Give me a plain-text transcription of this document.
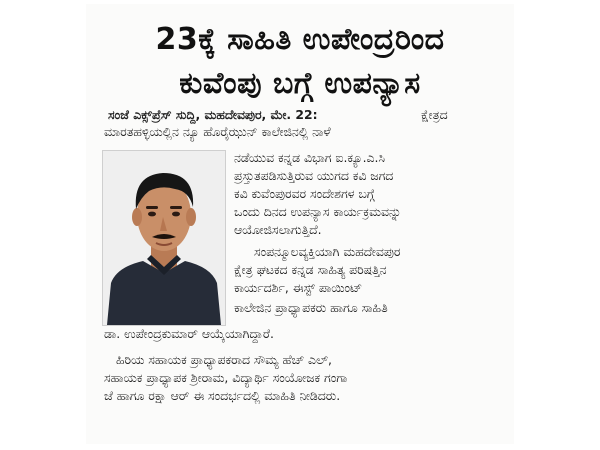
23ಕ್ಕೆ ಸಾಹಿತಿ ಉಪೇಂದ್ರರಿಂದ
ಕುವೆಂಪು ಬಗ್ಗೆ ಉಪನ್ಯಾಸ
ಸಂಜೆ ಎಕ್ಸ್‌ಪ್ರೆಸ್ ಸುದ್ದಿ, ಮಹದೇವಪುರ, ಮೇ. 22:	ಕ್ಷೇತ್ರದ
ಮಾರತಹಳ್ಳಿಯಲ್ಲಿನ ನ್ಯೂ ಹೊರೈಝುನ್ ಕಾಲೇಜಿನಲ್ಲಿ ನಾಳೆ
ನಡೆಯುವ ಕನ್ನಡ ವಿಭಾಗ ಐ.ಕ್ಯೂ.ಎ.ಸಿ
ಪ್ರಸ್ತುತಪಡಿಸುತ್ತಿರುವ ಯುಗದ ಕವಿ ಜಗದ
ಕವಿ ಕುವೆಂಪುರವರ ಸಂದೇಶಗಳ ಬಗ್ಗೆ
ಒಂದು ದಿನದ ಉಪನ್ಯಾಸ ಕಾರ್ಯಕ್ರಮವನ್ನು
ಆಯೋಜಿಸಲಾಗುತ್ತಿದೆ.
ಸಂಪನ್ಮೂಲವ್ಯಕ್ತಿಯಾಗಿ ಮಹದೇವಪುರ
ಕ್ಷೇತ್ರ ಘಟಕದ ಕನ್ನಡ ಸಾಹಿತ್ಯ ಪರಿಷತ್ತಿನ
ಕಾರ್ಯದರ್ಶಿ, ಈಸ್ಟ್ ಪಾಯಿಂಟ್
ಕಾಲೇಜಿನ ಪ್ರಾಧ್ಯಾಪಕರು ಹಾಗೂ ಸಾಹಿತಿ
ಡಾ. ಉಪೇಂದ್ರಕುಮಾರ್ ಆಯ್ಕೆಯಾಗಿದ್ದಾರೆ.
ಹಿರಿಯ ಸಹಾಯಕ ಪ್ರಾಧ್ಯಾಪಕರಾದ ಸೌಮ್ಯ ಹೆಚ್ ಎಲ್,
ಸಹಾಯಕ ಪ್ರಾಧ್ಯಾಪಕ ಶ್ರೀರಾಮ, ವಿದ್ಯಾರ್ಥಿ ಸಂಯೋಜಕ ಗಂಗಾ
ಜೆ ಹಾಗೂ ರಕ್ಷಾ ಆರ್ ಈ ಸಂದರ್ಭದಲ್ಲಿ ಮಾಹಿತಿ ನೀಡಿದರು.
